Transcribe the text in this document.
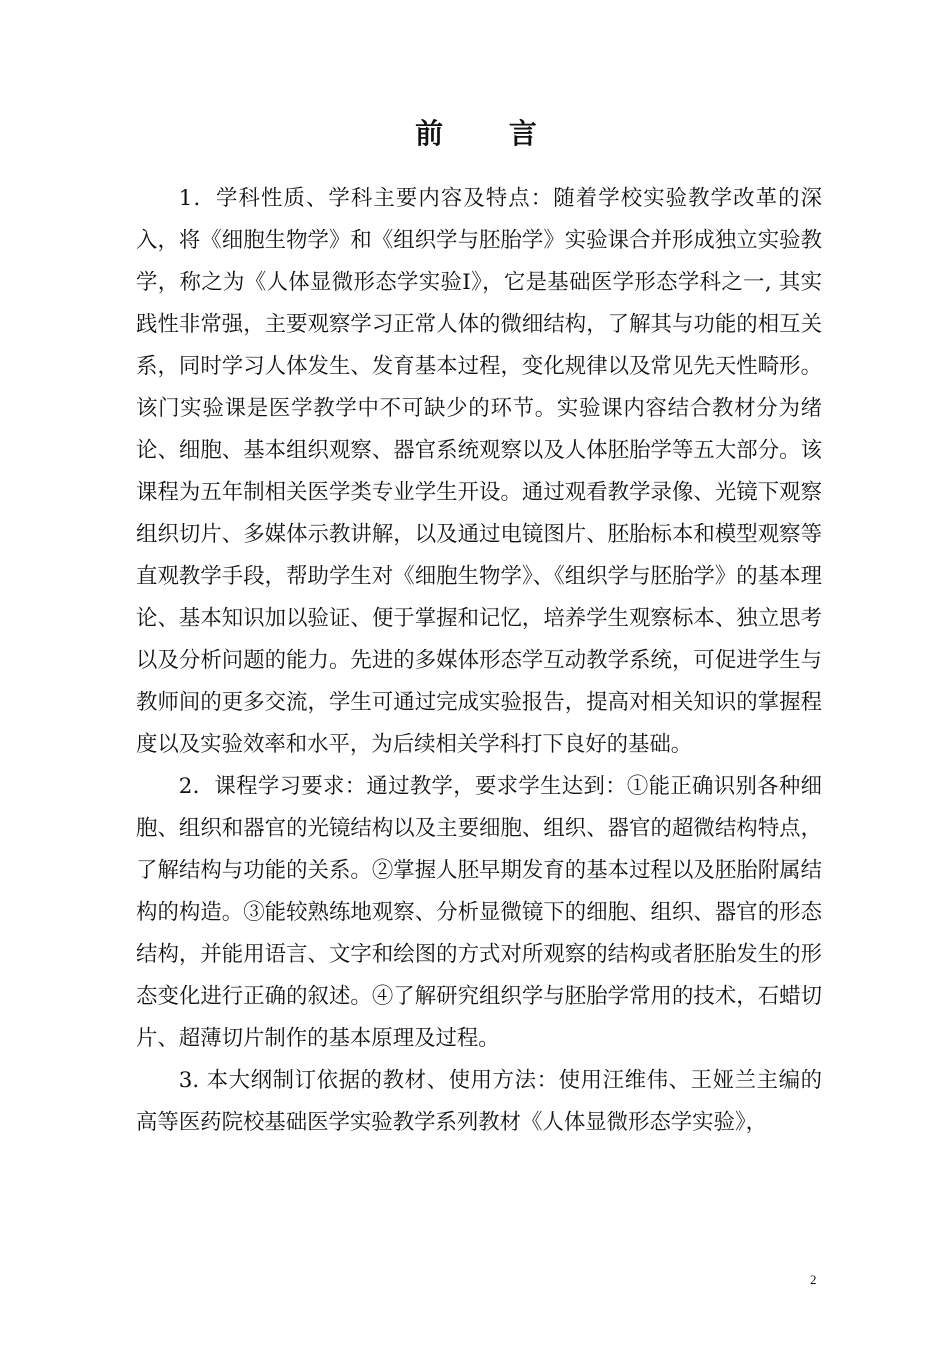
前 言

1．学科性质、学科主要内容及特点：随着学校实验教学改革的深入，将《细胞生物学》和《组织学与胚胎学》实验课合并形成独立实验教学，称之为《人体显微形态学实验Ⅰ》，它是基础医学形态学科之一, 其实践性非常强，主要观察学习正常人体的微细结构，了解其与功能的相互关系，同时学习人体发生、发育基本过程，变化规律以及常见先天性畸形。该门实验课是医学教学中不可缺少的环节。实验课内容结合教材分为绪论、细胞、基本组织观察、器官系统观察以及人体胚胎学等五大部分。该课程为五年制相关医学类专业学生开设。通过观看教学录像、光镜下观察组织切片、多媒体示教讲解，以及通过电镜图片、胚胎标本和模型观察等直观教学手段，帮助学生对《细胞生物学》、《组织学与胚胎学》的基本理论、基本知识加以验证、便于掌握和记忆，培养学生观察标本、独立思考以及分析问题的能力。先进的多媒体形态学互动教学系统，可促进学生与教师间的更多交流，学生可通过完成实验报告，提高对相关知识的掌握程度以及实验效率和水平，为后续相关学科打下良好的基础。

2．课程学习要求：通过教学，要求学生达到：①能正确识别各种细胞、组织和器官的光镜结构以及主要细胞、组织、器官的超微结构特点，了解结构与功能的关系。②掌握人胚早期发育的基本过程以及胚胎附属结构的构造。③能较熟练地观察、分析显微镜下的细胞、组织、器官的形态结构，并能用语言、文字和绘图的方式对所观察的结构或者胚胎发生的形态变化进行正确的叙述。④了解研究组织学与胚胎学常用的技术，石蜡切片、超薄切片制作的基本原理及过程。

3. 本大纲制订依据的教材、使用方法：使用汪维伟、王娅兰主编的高等医药院校基础医学实验教学系列教材《人体显微形态学实验》，

2
